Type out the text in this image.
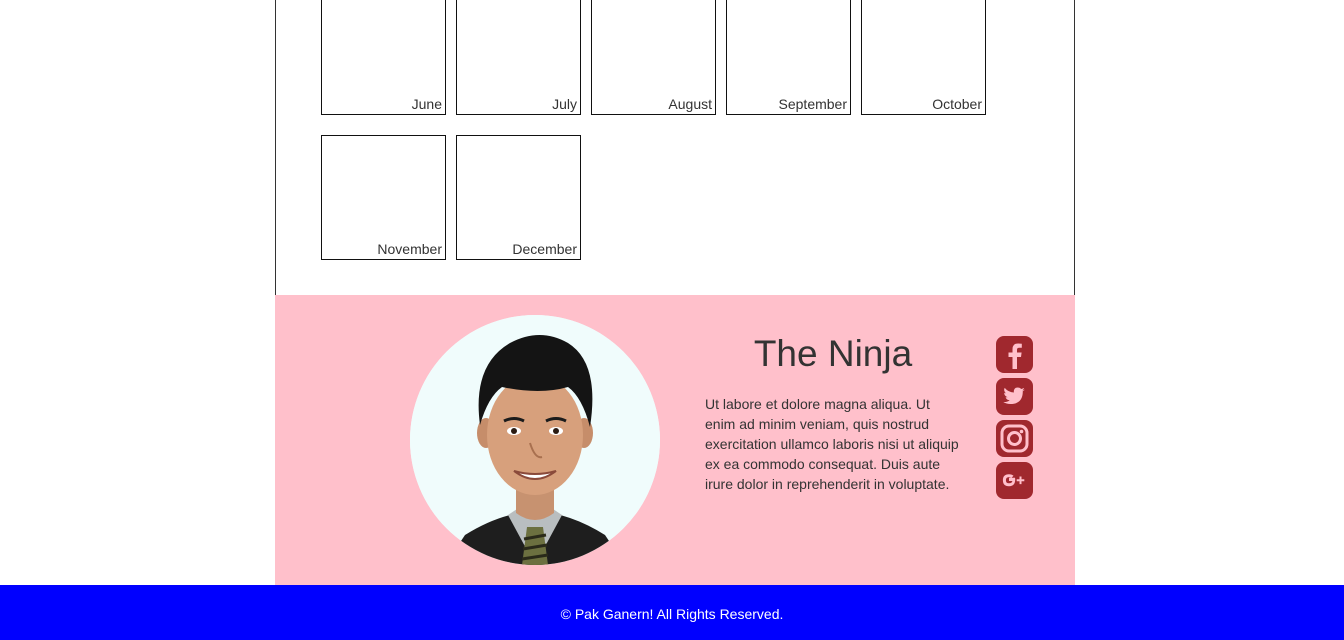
June	July	August	September	October
November	December
The Ninja
Ut labore et dolore magna aliqua. Ut enim ad minim veniam, quis nostrud exercitation ullamco laboris nisi ut aliquip ex ea commodo consequat. Duis aute irure dolor in reprehenderit in voluptate.
© Pak Ganern! All Rights Reserved.
